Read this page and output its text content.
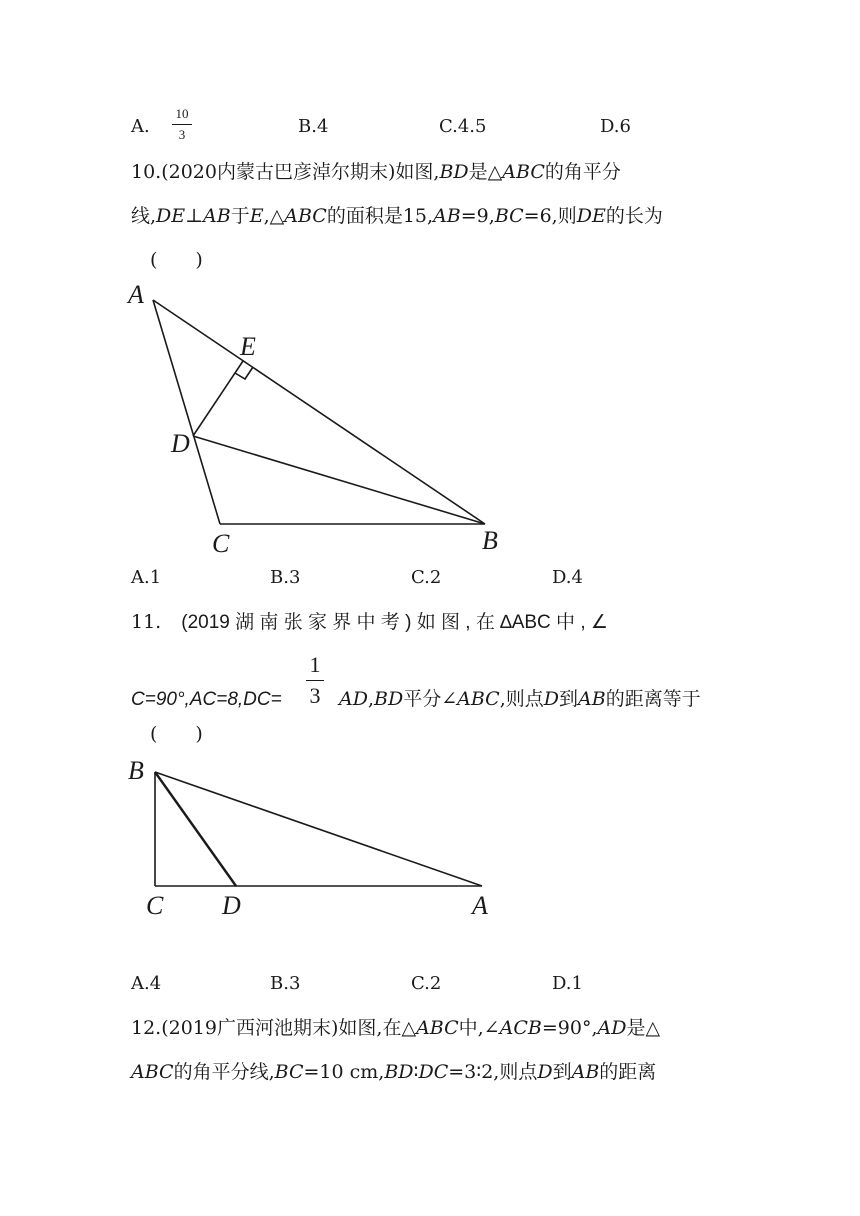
A.
10
3	B.4	C.4.5	D.6
10.(2020内蒙古巴彦淖尔期末)如图,BD是△ABC的角平分
线,DE⊥AB于E,△ABC的面积是15,AB=9,BC=6,则DE的长为
(　　)
A
E
D
C	B
A.1	B.3	C.2	D.4
11. (2019 湖 南 张 家 界 中 考 ) 如 图 , 在 ∆ABC 中 , ∠
C=90°,AC=8,DC=
1
3 AD,BD平分∠ABC,则点D到AB的距离等于
(　　)
B
C D	A
A.4	B.3	C.2	D.1
12.(2019广西河池期末)如图,在△ABC中,∠ACB=90°,AD是△
ABC的角平分线,BC=10 cm,BD∶DC=3∶2,则点D到AB的距离
